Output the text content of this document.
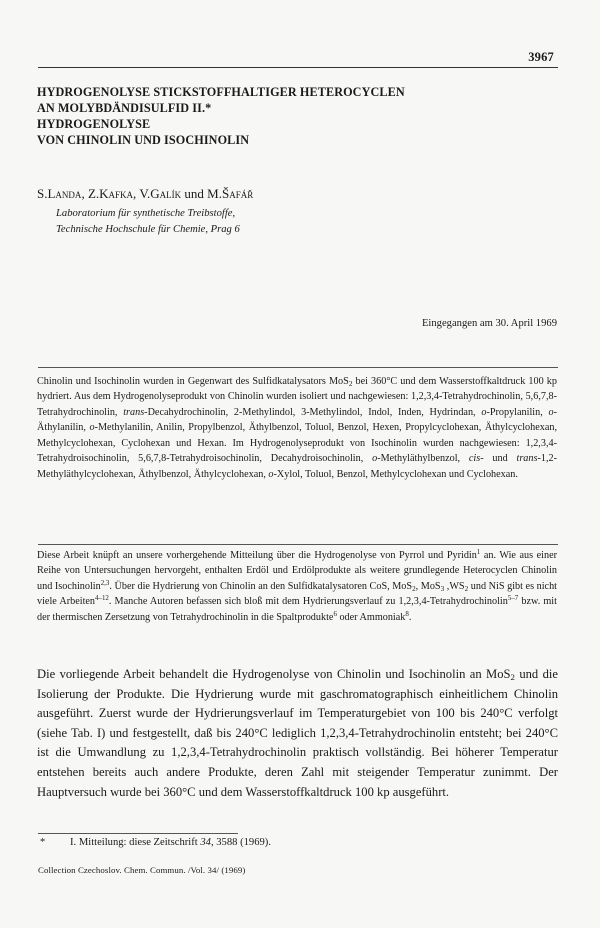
3967
HYDROGENOLYSE STICKSTOFFHALTIGER HETEROCYCLEN
AN MOLYBDÄNDISULFID II.*
HYDROGENOLYSE
VON CHINOLIN UND ISOCHINOLIN
S.Landa, Z.Kafka, V.Galík und M.Šafář
Laboratorium für synthetische Treibstoffe,
Technische Hochschule für Chemie, Prag 6
Eingegangen am 30. April 1969
Chinolin und Isochinolin wurden in Gegenwart des Sulfidkatalysators MoS$_2$ bei 360°C und dem Wasserstoffkaltdruck 100 kp hydriert. Aus dem Hydrogenolyseprodukt von Chinolin wurden isoliert und nachgewiesen: 1,2,3,4-Tetrahydrochinolin, 5,6,7,8-Tetrahydrochinolin, trans-Decahydrochinolin, 2-Methylindol, 3-Methylindol, Indol, Inden, Hydrindan, o-Propylanilin, o-Äthylanilin, o-Methylanilin, Anilin, Propylbenzol, Äthylbenzol, Toluol, Benzol, Hexen, Propylcyclohexan, Äthylcyclohexan, Methylcyclohexan, Cyclohexan und Hexan. Im Hydrogenolyseprodukt von Isochinolin wurden nachgewiesen: 1,2,3,4-Tetrahydroisochinolin, 5,6,7,8-Tetrahydroisochinolin, Decahydroisochinolin, o-Methyläthylbenzol, cis- und trans-1,2-Methyläthylcyclohexan, Äthylbenzol, Äthylcyclohexan, o-Xylol, Toluol, Benzol, Methylcyclohexan und Cyclohexan.
Diese Arbeit knüpft an unsere vorhergehende Mitteilung über die Hydrogenolyse von Pyrrol und Pyridin$^1$ an. Wie aus einer Reihe von Untersuchungen hervorgeht, enthalten Erdöl und Erdölprodukte als weitere grundlegende Heterocyclen Chinolin und Isochinolin$^{2,3}$. Über die Hydrierung von Chinolin an den Sulfidkatalysatoren CoS, MoS$_2$, MoS$_3$ $,WS_2$ und NiS gibt es nicht viele Arbeiten$^{4-12}$. Manche Autoren befassen sich bloß mit dem Hydrierungsverlauf zu 1,2,3,4-Tetrahydrochinolin$^{5-7}$ bzw. mit der thermischen Zersetzung von Tetrahydrochinolin in die Spaltprodukte$^6$ oder Ammoniak$^8$.
Die vorliegende Arbeit behandelt die Hydrogenolyse von Chinolin und Isochinolin an MoS$_2$ und die Isolierung der Produkte. Die Hydrierung wurde mit gaschromatographisch einheitlichem Chinolin ausgeführt. Zuerst wurde der Hydrierungsverlauf im Temperaturgebiet von 100 bis 240°C verfolgt (siehe Tab. I) und festgestellt, daß bis 240°C lediglich 1,2,3,4-Tetrahydrochinolin entsteht; bei 240°C ist die Umwandlung zu 1,2,3,4-Tetrahydrochinolin praktisch vollständig. Bei höherer Temperatur entstehen bereits auch andere Produkte, deren Zahl mit steigender Temperatur zunimmt. Der Hauptversuch wurde bei 360°C und dem Wasserstoffkaltdruck 100 kp ausgeführt.
* I. Mitteilung: diese Zeitschrift 34, 3588 (1969).
Collection Czechoslov. Chem. Commun. /Vol. 34/ (1969)
